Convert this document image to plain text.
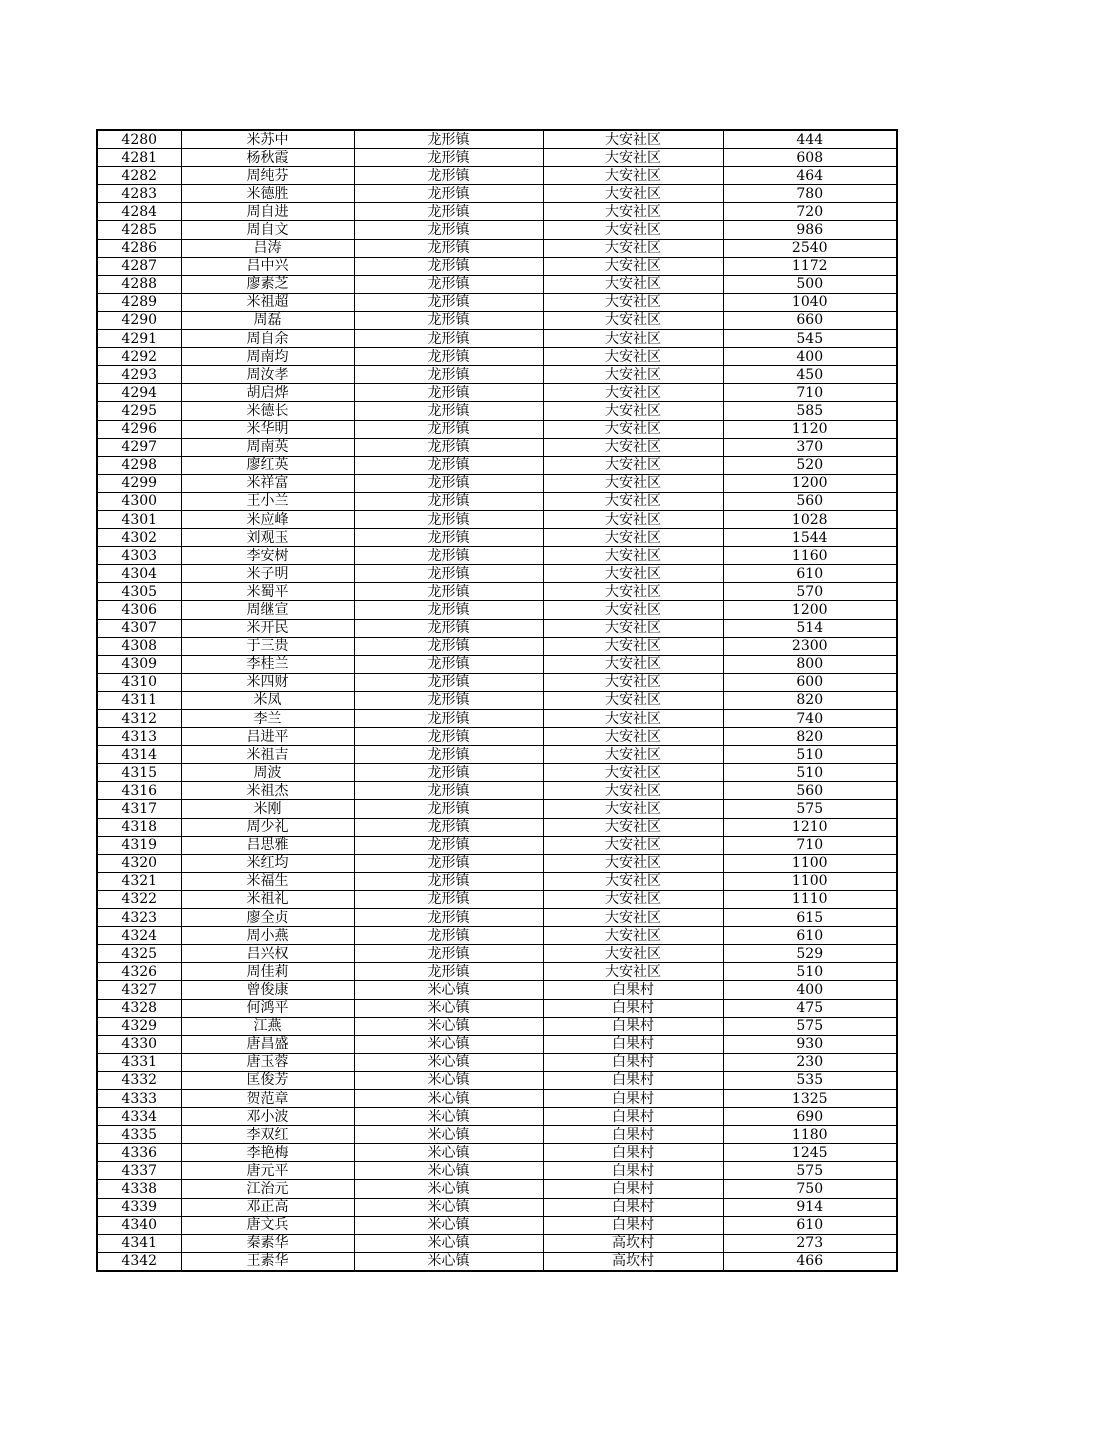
4280	米苏中	龙形镇	大安社区	444
4281	杨秋霞	龙形镇	大安社区	608
4282	周纯芬	龙形镇	大安社区	464
4283	米德胜	龙形镇	大安社区	780
4284	周自进	龙形镇	大安社区	720
4285	周自文	龙形镇	大安社区	986
4286	吕涛	龙形镇	大安社区	2540
4287	吕中兴	龙形镇	大安社区	1172
4288	廖素芝	龙形镇	大安社区	500
4289	米祖超	龙形镇	大安社区	1040
4290	周磊	龙形镇	大安社区	660
4291	周自余	龙形镇	大安社区	545
4292	周南均	龙形镇	大安社区	400
4293	周汝孝	龙形镇	大安社区	450
4294	胡启烨	龙形镇	大安社区	710
4295	米德长	龙形镇	大安社区	585
4296	米华明	龙形镇	大安社区	1120
4297	周南英	龙形镇	大安社区	370
4298	廖红英	龙形镇	大安社区	520
4299	米祥富	龙形镇	大安社区	1200
4300	王小兰	龙形镇	大安社区	560
4301	米应峰	龙形镇	大安社区	1028
4302	刘观玉	龙形镇	大安社区	1544
4303	李安树	龙形镇	大安社区	1160
4304	米子明	龙形镇	大安社区	610
4305	米蜀平	龙形镇	大安社区	570
4306	周继宣	龙形镇	大安社区	1200
4307	米开民	龙形镇	大安社区	514
4308	于三贵	龙形镇	大安社区	2300
4309	李桂兰	龙形镇	大安社区	800
4310	米四财	龙形镇	大安社区	600
4311	米凤	龙形镇	大安社区	820
4312	李兰	龙形镇	大安社区	740
4313	吕进平	龙形镇	大安社区	820
4314	米祖吉	龙形镇	大安社区	510
4315	周波	龙形镇	大安社区	510
4316	米祖杰	龙形镇	大安社区	560
4317	米刚	龙形镇	大安社区	575
4318	周少礼	龙形镇	大安社区	1210
4319	吕思雅	龙形镇	大安社区	710
4320	米红均	龙形镇	大安社区	1100
4321	米福生	龙形镇	大安社区	1100
4322	米祖礼	龙形镇	大安社区	1110
4323	廖全贞	龙形镇	大安社区	615
4324	周小燕	龙形镇	大安社区	610
4325	吕兴权	龙形镇	大安社区	529
4326	周佳莉	龙形镇	大安社区	510
4327	曾俊康	米心镇	白果村	400
4328	何鸿平	米心镇	白果村	475
4329	江燕	米心镇	白果村	575
4330	唐昌盛	米心镇	白果村	930
4331	唐玉蓉	米心镇	白果村	230
4332	匡俊芳	米心镇	白果村	535
4333	贺范章	米心镇	白果村	1325
4334	邓小波	米心镇	白果村	690
4335	李双红	米心镇	白果村	1180
4336	李艳梅	米心镇	白果村	1245
4337	唐元平	米心镇	白果村	575
4338	江治元	米心镇	白果村	750
4339	邓正高	米心镇	白果村	914
4340	唐文兵	米心镇	白果村	610
4341	秦素华	米心镇	高坎村	273
4342	王素华	米心镇	高坎村	466
